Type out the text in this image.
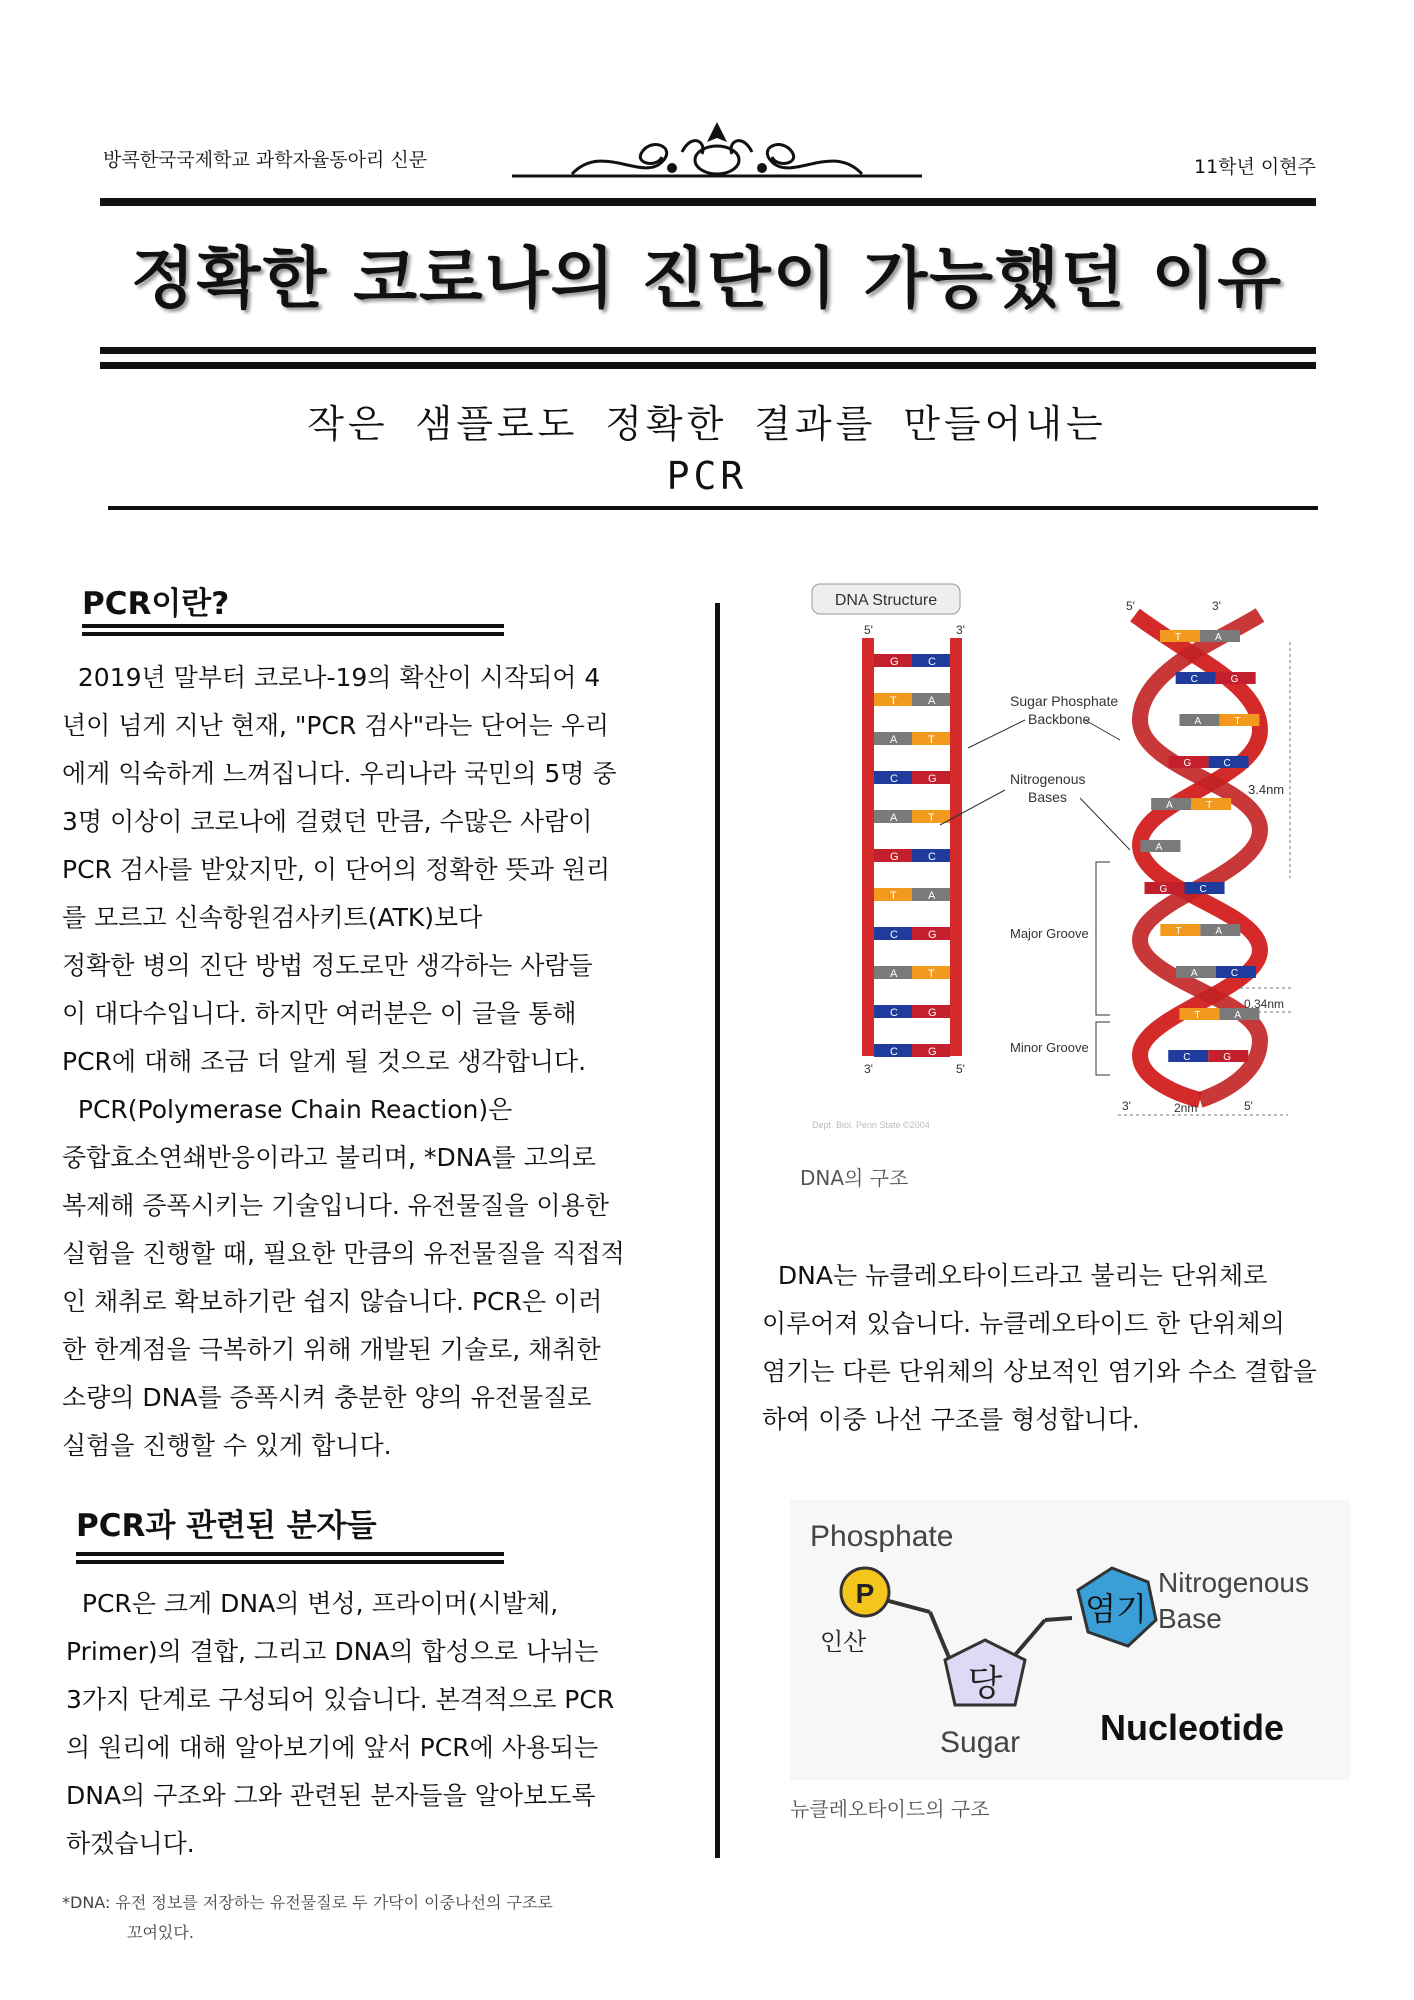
방콕한국국제학교 과학자율동아리 신문	11학년 이현주
정확한 코로나의 진단이 가능했던 이유
작은 샘플로도 정확한 결과를 만들어내는
PCR
PCR이란?

2019년 말부터 코로나-19의 확산이 시작되어 4

년이 넘게 지난 현재, "PCR 검사"라는 단어는 우리

에게 익숙하게 느껴집니다. 우리나라 국민의 5명 중

3명 이상이 코로나에 걸렸던 만큼, 수많은 사람이

PCR 검사를 받았지만, 이 단어의 정확한 뜻과 원리

를 모르고 신속항원검사키트(ATK)보다

정확한 병의 진단 방법 정도로만 생각하는 사람들

이 대다수입니다. 하지만 여러분은 이 글을 통해

PCR에 대해 조금 더 알게 될 것으로 생각합니다.

PCR(Polymerase Chain Reaction)은

중합효소연쇄반응이라고 불리며, *DNA를 고의로

복제해 증폭시키는 기술입니다. 유전물질을 이용한

실험을 진행할 때, 필요한 만큼의 유전물질을 직접적

인 채취로 확보하기란 쉽지 않습니다. PCR은 이러

한 한계점을 극복하기 위해 개발된 기술로, 채취한

소량의 DNA를 증폭시켜 충분한 양의 유전물질로

실험을 진행할 수 있게 합니다.

PCR과 관련된 분자들

PCR은 크게 DNA의 변성, 프라이머(시발체,

Primer)의 결합, 그리고 DNA의 합성으로 나뉘는

3가지 단계로 구성되어 있습니다. 본격적으로 PCR

의 원리에 대해 알아보기에 앞서 PCR에 사용되는

DNA의 구조와 그와 관련된 분자들을 알아보도록

하겠습니다.

*DNA: 유전 정보를 저장하는 유전물질로 두 가닥이 이중나선의 구조로
꼬여있다.
DNA Structure
5'	3'
G	C
T	A
A	T
C	G
A	T
G	C
T	A
C	G
A	T
C	G
C	G
3'	5'
Sugar Phosphate
Backbone
Nitrogenous
Bases
Major Groove
Minor Groove
T	A
C	G
A	T
G	C
A	T
A
G	C
T	A
A	C
T	A
C	G
5'	3'
3.4nm
0.34nm
3'	2nm	5'
Dept. Biol. Penn State ©2004
DNA의 구조

DNA는 뉴클레오타이드라고 불리는 단위체로

이루어져 있습니다. 뉴클레오타이드 한 단위체의

염기는 다른 단위체의 상보적인 염기와 수소 결합을

하여 이중 나선 구조를 형성합니다.

Phosphate
P
인산
당
Sugar
염기
Nitrogenous
Base
Nucleotide
뉴클레오타이드의 구조
